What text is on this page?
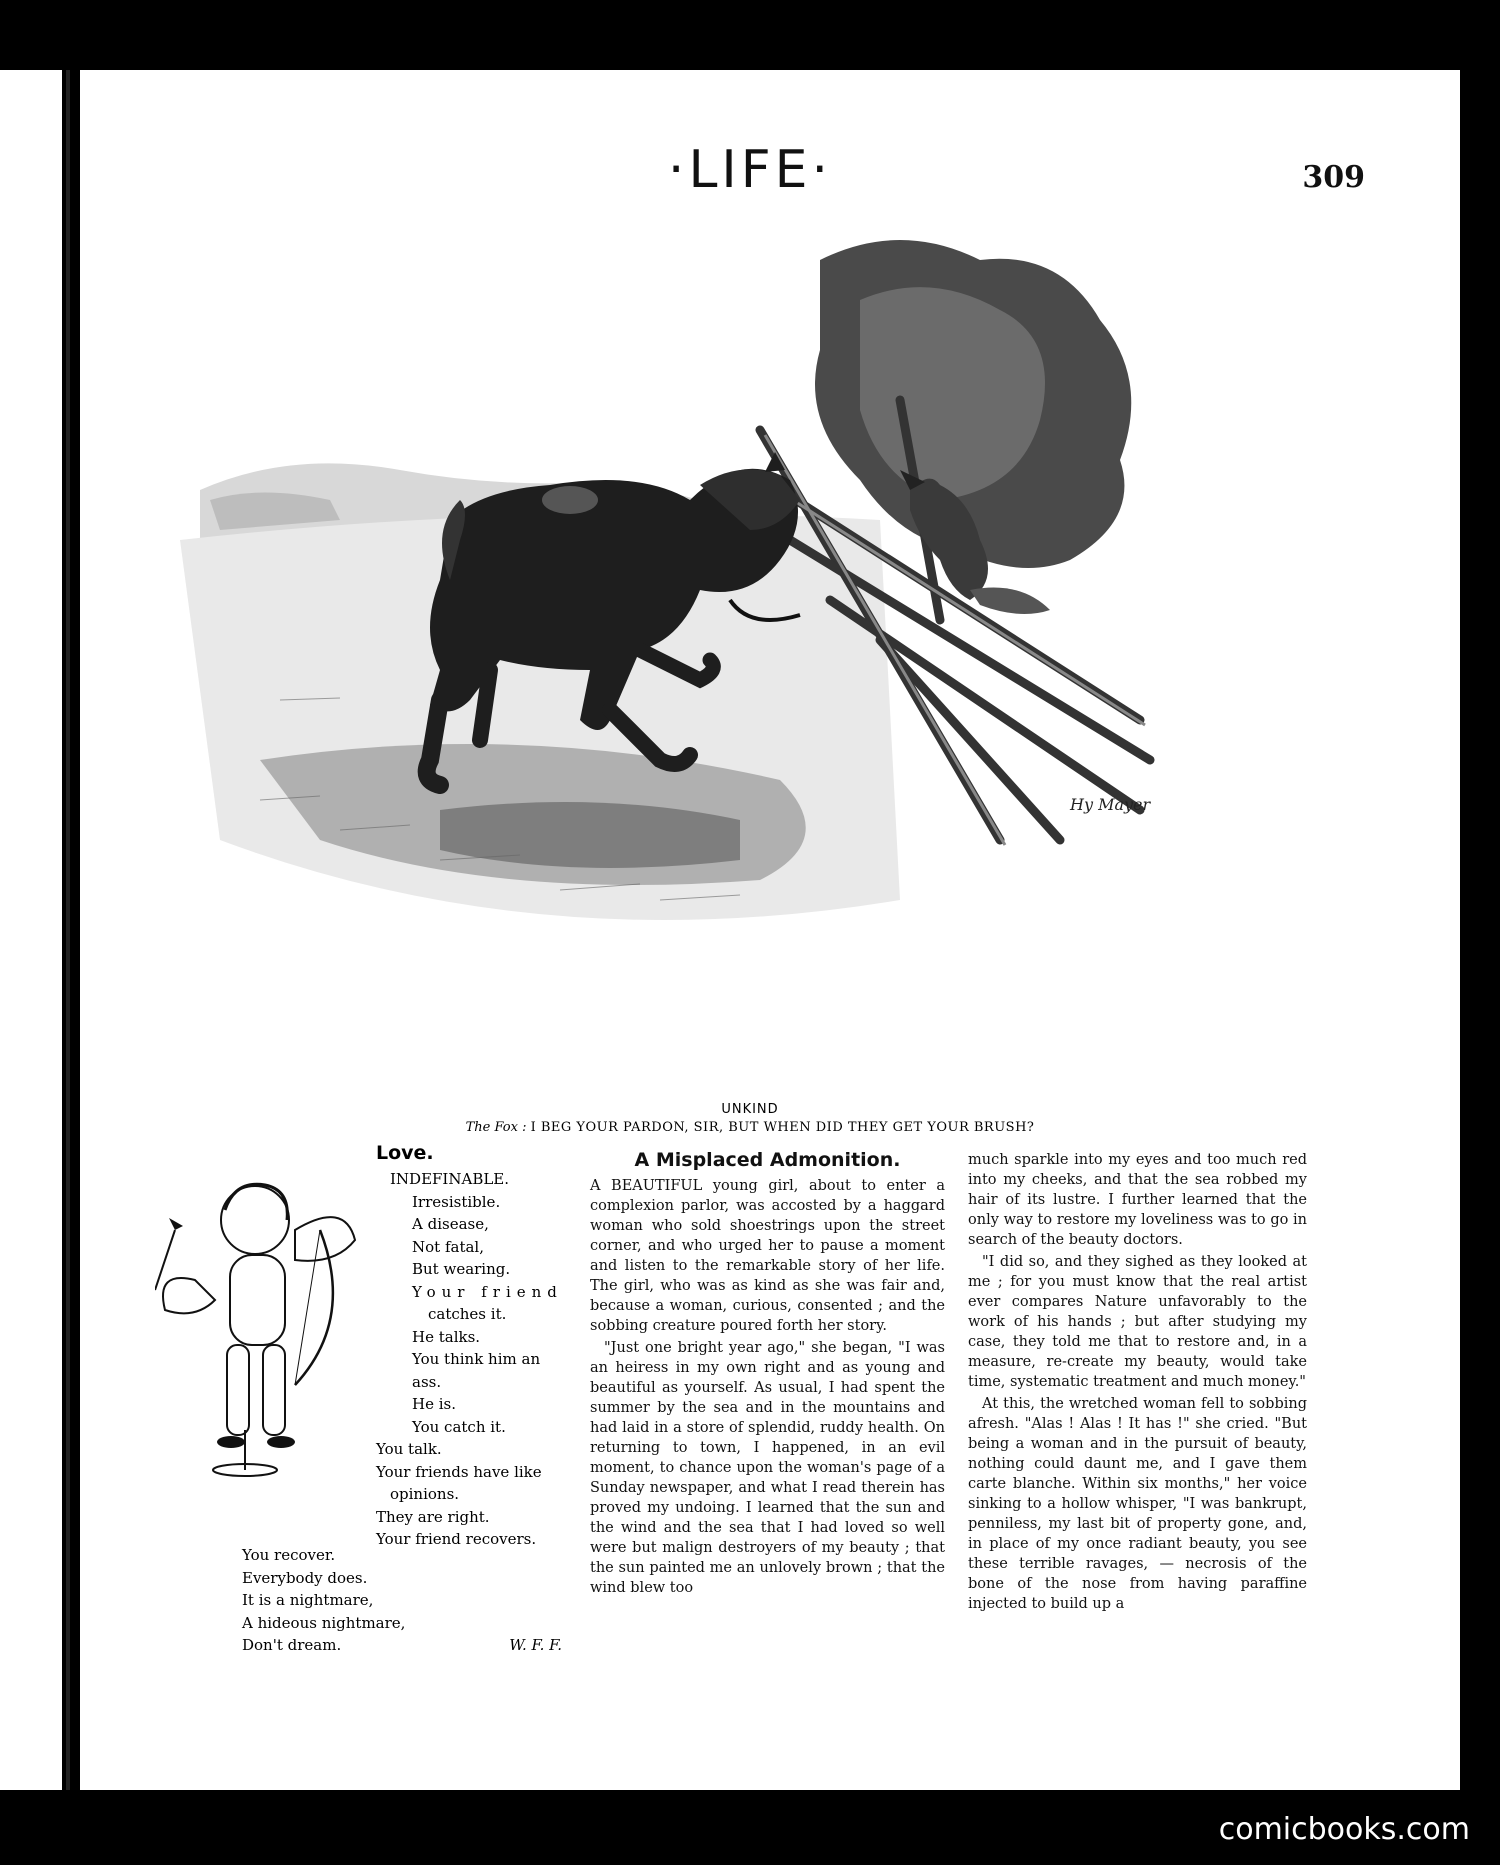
·LIFE·	309
Hy Mayer
UNKIND
The Fox : I BEG YOUR PARDON, SIR, BUT WHEN DID THEY GET YOUR BRUSH?
Love.
INDEFINABLE.
Irresistible.
A disease,
Not fatal,
But wearing.
Your friend
catches it.
He talks.
You think him an
ass.
He is.
You catch it.
You talk.
Your friends have like
opinions.
They are right.
Your friend recovers.
You recover.
Everybody does.
It is a nightmare,
A hideous nightmare,
Don't dream.	W. F. F.
A Misplaced Admonition.

A BEAUTIFUL young girl, about to enter a complexion parlor, was accosted by a haggard woman who sold shoestrings upon the street corner, and who urged her to pause a moment and listen to the remarkable story of her life. The girl, who was as kind as she was fair and, because a woman, curious, consented ; and the sobbing creature poured forth her story.

"Just one bright year ago," she began, "I was an heiress in my own right and as young and beautiful as yourself. As usual, I had spent the summer by the sea and in the mountains and had laid in a store of splendid, ruddy health. On returning to town, I happened, in an evil moment, to chance upon the woman's page of a Sunday newspaper, and what I read therein has proved my undoing. I learned that the sun and the wind and the sea that I had loved so well were but malign destroyers of my beauty ; that the sun painted me an unlovely brown ; that the wind blew too

much sparkle into my eyes and too much red into my cheeks, and that the sea robbed my hair of its lustre. I further learned that the only way to restore my loveliness was to go in search of the beauty doctors.

"I did so, and they sighed as they looked at me ; for you must know that the real artist ever compares Nature unfavorably to the work of his hands ; but after studying my case, they told me that to restore and, in a measure, re-create my beauty, would take time, systematic treatment and much money."

At this, the wretched woman fell to sobbing afresh. "Alas ! Alas ! It has !" she cried. "But being a woman and in the pursuit of beauty, nothing could daunt me, and I gave them carte blanche. Within six months," her voice sinking to a hollow whisper, "I was bankrupt, penniless, my last bit of property gone, and, in place of my once radiant beauty, you see these terrible ravages, — necrosis of the bone of the nose from having paraffine injected to build up a

comicbooks.com
